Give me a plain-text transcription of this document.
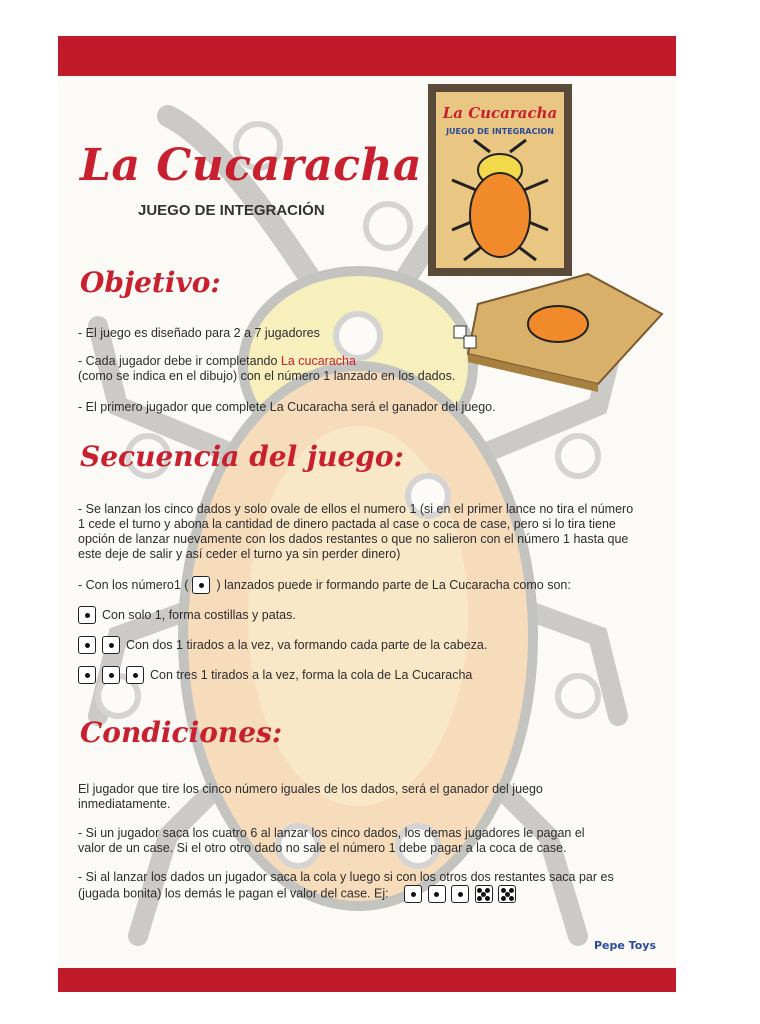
La Cucaracha
JUEGO DE INTEGRACIÓN
La Cucaracha
JUEGO DE INTEGRACION
Objetivo:
- El juego es diseñado para 2 a 7 jugadores
- Cada jugador debe ir completando La cucaracha
(como se indica en el dibujo) con el número 1 lanzado en los dados.
- El primero jugador que complete La Cucaracha será el ganador del juego.
Secuencia del juego:
- Se lanzan los cinco dados y solo ovale de ellos el numero 1 (si en el primer lance no tira el número 1 cede el turno y abona la cantidad de dinero pactada al case o coca de case, pero si lo tira tiene opción de lanzar nuevamente con los dados restantes o que no salieron con el número 1 hasta que este deje de salir y así ceder el turno ya sin perder dinero)
- Con los número1 ( ) lanzados puede ir formando parte de La Cucaracha como son:
Con solo 1, forma costillas y patas.
Con dos 1 tirados a la vez, va formando cada parte de la cabeza.
Con tres 1 tirados a la vez, forma la cola de La Cucaracha
Condiciones:
El jugador que tire los cinco número iguales de los dados, será el ganador del juego inmediatamente.
- Si un jugador saca los cuatro 6 al lanzar los cinco dados, los demas jugadores le pagan el valor de un case. Si el otro otro dado no sale el número 1 debe pagar a la coca de case.
- Si al lanzar los dados un jugador saca la cola y luego si con los otros dos restantes saca par es (jugada bonita) los demás le pagan el valor del case. Ej:

Pepe Toys
